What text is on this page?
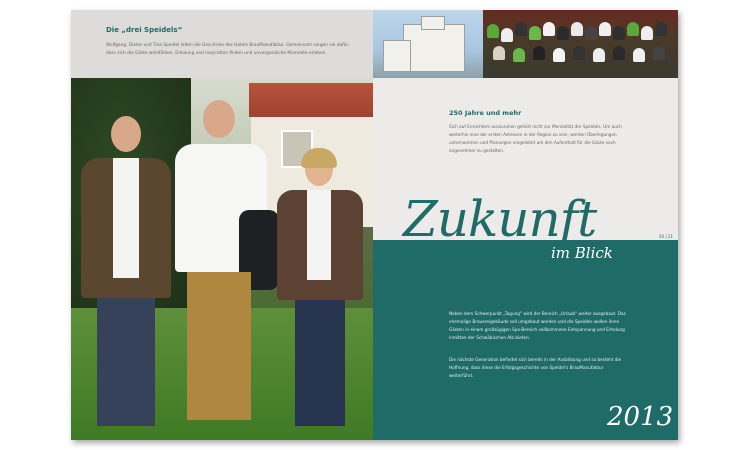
Die „drei Speidels“
Wolfgang, Dieter und Tina Speidel leiten die Geschicke des Hotels BrauManufaktur. Gemeinsam sorgen sie dafür, dass sich die Gäste wohlfühlen, Erholung und inspiration finden und unvergessliche Momente erleben.
250 Jahre und mehr
Sich auf Erreichtem auszuruhen gehört nicht zur Mentalität der Speidels. Um auch weiterhin eine der ersten Adressen in der Region zu sein, werden Überlegungen unternommen und Planungen eingeleitet um den Aufenthalt für die Gäste noch angenehmer zu gestalten.
Zukunft
im Blick
20 | 21
Neben dem Schwerpunkt „Tagung“ wird der Bereich „Urlaub“ weiter ausgebaut. Das ehemalige Brauereigebäude soll umgebaut werden und die Speidels wollen ihren Gästen in einem großzügigen Spa-Bereich vollkommene Entspannung und Erholung inmitten der Schwäbischen Alb bieten.
Die nächste Generation befindet sich bereits in der Ausbildung und so besteht die Hoffnung, dass diese die Erfolgsgeschichte von Speidel's BrauManufaktur weiterführt.
2013
